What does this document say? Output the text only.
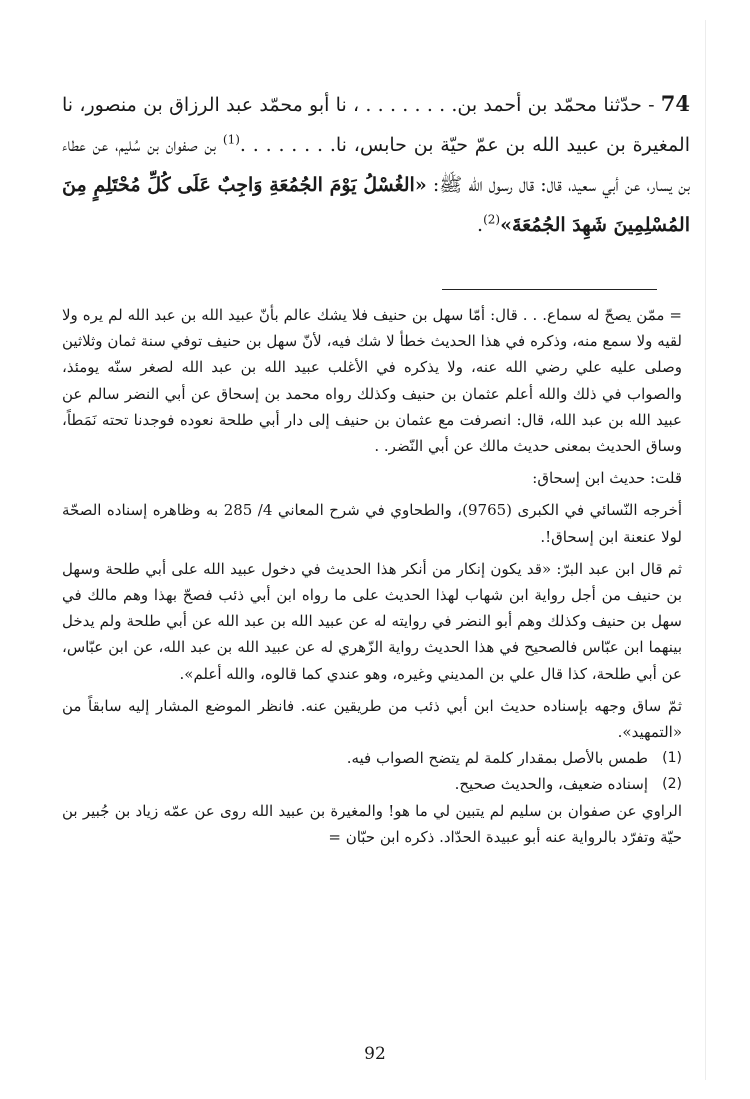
74 - حدّثنا محمّد بن أحمد بن. . . . . . . . ، نا أبو محمّد عبد الرزاق بن منصور، نا المغيرة بن عبيد الله بن عمّ حيّة بن حابس، نا. . . . . . . .$^{(1)}$ بن صفوان بن سُليم، عن عطاء بن يسار، عن أبي سعيد، قال: قال رسول الله ﷺ: «الغُسْلُ يَوْمَ الجُمُعَةِ وَاجِبٌ عَلَى كُلِّ مُحْتَلِمٍ مِنَ المُسْلِمِينَ شَهِدَ الجُمُعَةَ»$^{(2)}$.

= ممّن يصحّ له سماع. . . قال: أمّا سهل بن حنيف فلا يشك عالم بأنّ عبيد الله بن عبد الله لم يره ولا لقيه ولا سمع منه، وذكره في هذا الحديث خطأ لا شك فيه، لأنّ سهل بن حنيف توفي سنة ثمان وثلاثين وصلى عليه علي رضي الله عنه، ولا يذكره في الأغلب عبيد الله بن عبد الله لصغر سنّه يومئذ، والصواب في ذلك والله أعلم عثمان بن حنيف وكذلك رواه محمد بن إسحاق عن أبي النضر سالم عن عبيد الله بن عبد الله، قال: انصرفت مع عثمان بن حنيف إلى دار أبي طلحة نعوده فوجدنا تحته نَمَطاً، وساق الحديث بمعنى حديث مالك عن أبي النّضر. .

قلت: حديث ابن إسحاق:

أخرجه النّسائي في الكبرى (9765)، والطحاوي في شرح المعاني 4/ 285 به وظاهره إسناده الصحّة لولا عنعنة ابن إسحاق!.

ثم قال ابن عبد البرّ: «قد يكون إنكار من أنكر هذا الحديث في دخول عبيد الله على أبي طلحة وسهل بن حنيف من أجل رواية ابن شهاب لهذا الحديث على ما رواه ابن أبي ذئب فصحّ بهذا وهم مالك في سهل بن حنيف وكذلك وهم أبو النضر في روايته له عن عبيد الله بن عبد الله عن أبي طلحة ولم يدخل بينهما ابن عبّاس فالصحيح في هذا الحديث رواية الزّهري له عن عبيد الله بن عبد الله، عن ابن عبّاس، عن أبي طلحة، كذا قال علي بن المديني وغيره، وهو عندي كما قالوه، والله أعلم».

ثمّ ساق وجهه بإسناده حديث ابن أبي ذئب من طريقين عنه. فانظر الموضع المشار إليه سابقاً من «التمهيد».

(1)
طمس بالأصل بمقدار كلمة لم يتضح الصواب فيه.
(2)
إسناده ضعيف، والحديث صحيح.

الراوي عن صفوان بن سليم لم يتبين لي ما هو! والمغيرة بن عبيد الله روى عن عمّه زياد بن جُبير بن حيّة وتفرّد بالرواية عنه أبو عبيدة الحدّاد. ذكره ابن حبّان =

92
